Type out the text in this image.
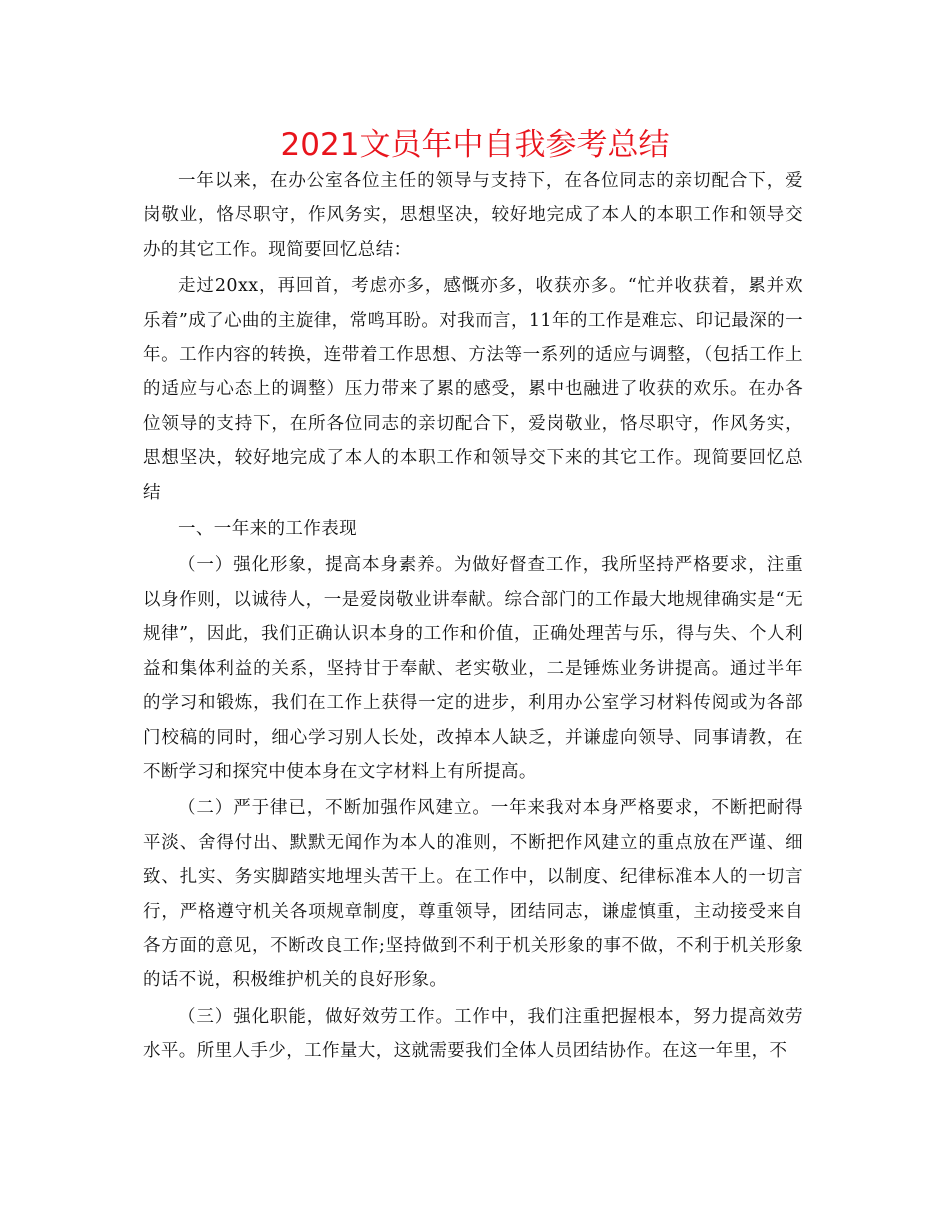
2021文员年中自我参考总结

一年以来，在办公室各位主任的领导与支持下，在各位同志的亲切配合下，爱岗敬业，恪尽职守，作风务实，思想坚决，较好地完成了本人的本职工作和领导交办的其它工作。现简要回忆总结：

走过20xx，再回首，考虑亦多，感慨亦多，收获亦多。“忙并收获着，累并欢乐着”成了心曲的主旋律，常鸣耳盼。对我而言，11年的工作是难忘、印记最深的一年。工作内容的转换，连带着工作思想、方法等一系列的适应与调整，（包括工作上的适应与心态上的调整）压力带来了累的感受，累中也融进了收获的欢乐。在办各位领导的支持下，在所各位同志的亲切配合下，爱岗敬业，恪尽职守，作风务实，思想坚决，较好地完成了本人的本职工作和领导交下来的其它工作。现简要回忆总结

一、一年来的工作表现

（一）强化形象，提高本身素养。为做好督查工作，我所坚持严格要求，注重以身作则，以诚待人，一是爱岗敬业讲奉献。综合部门的工作最大地规律确实是“无规律”，因此，我们正确认识本身的工作和价值，正确处理苦与乐，得与失、个人利益和集体利益的关系，坚持甘于奉献、老实敬业，二是锤炼业务讲提高。通过半年的学习和锻炼，我们在工作上获得一定的进步，利用办公室学习材料传阅或为各部门校稿的同时，细心学习别人长处，改掉本人缺乏，并谦虚向领导、同事请教，在不断学习和探究中使本身在文字材料上有所提高。

（二）严于律已，不断加强作风建立。一年来我对本身严格要求，不断把耐得平淡、舍得付出、默默无闻作为本人的准则，不断把作风建立的重点放在严谨、细致、扎实、务实脚踏实地埋头苦干上。在工作中，以制度、纪律标准本人的一切言行，严格遵守机关各项规章制度，尊重领导，团结同志，谦虚慎重，主动接受来自各方面的意见，不断改良工作;坚持做到不利于机关形象的事不做，不利于机关形象的话不说，积极维护机关的良好形象。

（三）强化职能，做好效劳工作。工作中，我们注重把握根本，努力提高效劳水平。所里人手少，工作量大，这就需要我们全体人员团结协作。在这一年里，不
